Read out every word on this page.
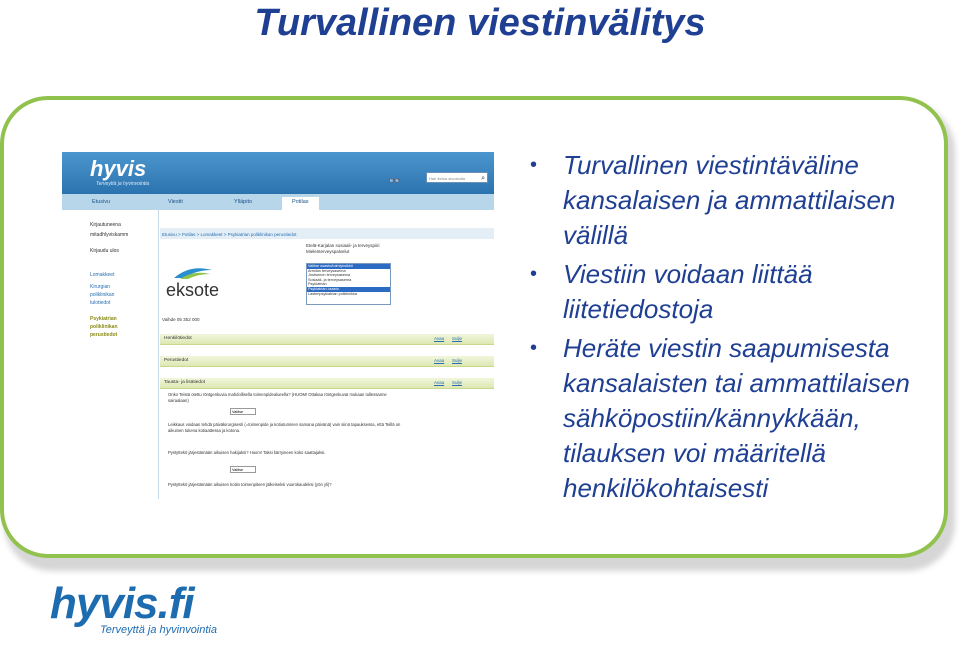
Turvallinen viestinvälitys
hyvis
Terveyttä ja hyvinvointia	👓	Hae tietoa sivustolta ⌕
Etusivu	Viestit	Ylläpito	Potilas
Kirjautuneena
mitadhlyviskamm
Kirjaudu ulos
Lomakkeet
Kirurgian
poliklinikan
tulotiedot
Psykiatrian
poliklinikan
perustiedot
Etusivu > Potilas > Lomakkeet > Psykiatrian poliklinikan perustiedot
Etelä-Karjalan sosiaali- ja terveyspiiri
Mielenterveyspalvelut
Valitse osasto/toimiyksikkö
Armilan terveysasema
Joutsenon terveysasema
Sosiaali- ja terveysasema
Psykiatrian
Psykiatrian osasto
Lastenpsykiatrian poliklinikka
eksote
Vaihde 05 352 000
Henkilötiedot	Avaa Sulje
Perustiedot	Avaa Sulje
Tausta- ja lisätiedot	Avaa Sulje
Onko Teistä otettu röntgenkuvia mahdollisella toimenpidealueella? (HUOM! Ottakaa röntgenkuvat mukaan tullessanne sairaalaan)
Valitse
Leikkaus voidaan tehdä päiväkirurgisesti (=toimenpide ja kotiutuminen samana päivänä) vain siinä tapauksessa, että Teillä on aikuinen tukena kotiaattessa ja kotona.
Pystyttekö järjestämään aikuisen hakijaksi? Huom! Taksi kärryineen koko saattajaksi.
Valitse
Pystyttekö järjestämään aikuisen kotiin toimenpiteen jälkeiseksi vuorokaudeksi (yön yli)?
• Turvallinen viestintäväline kansalaisen ja ammattilaisen välillä
• Viestiin voidaan liittää liitetiedostoja
• Heräte viestin saapumisesta kansalaisten tai ammattilaisen sähköpostiin/kännykkään, tilauksen voi määritellä henkilökohtaisesti
hyvis.fi
Terveyttä ja hyvinvointia
